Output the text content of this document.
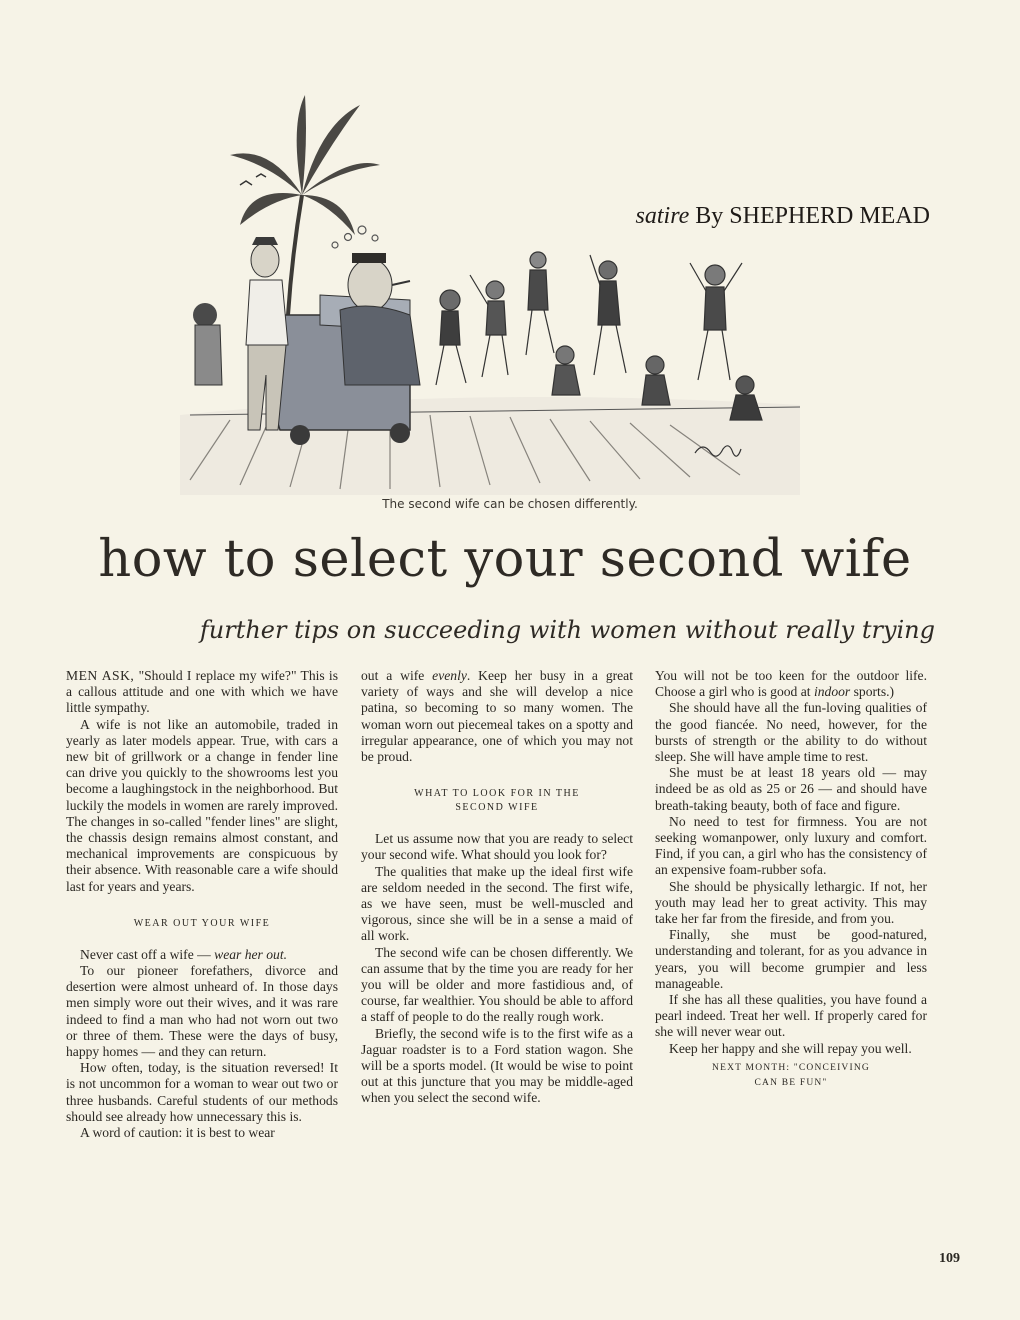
satire By SHEPHERD MEAD
The second wife can be chosen differently.
how to select your second wife
further tips on succeeding with women without really trying

MEN ASK, "Should I replace my wife?" This is a callous attitude and one with which we have little sympathy.

A wife is not like an automobile, traded in yearly as later models appear. True, with cars a new bit of grillwork or a change in fender line can drive you quickly to the showrooms lest you become a laughingstock in the neighborhood. But luckily the models in women are rarely improved. The changes in so-called "fender lines" are slight, the chassis design remains almost constant, and mechanical improvements are conspicuous by their absence. With reasonable care a wife should last for years and years.

WEAR OUT YOUR WIFE

Never cast off a wife — wear her out.

To our pioneer forefathers, divorce and desertion were almost unheard of. In those days men simply wore out their wives, and it was rare indeed to find a man who had not worn out two or three of them. These were the days of busy, happy homes — and they can return.

How often, today, is the situation reversed! It is not uncommon for a woman to wear out two or three husbands. Careful students of our methods should see already how unnecessary this is.

A word of caution: it is best to wear

out a wife evenly. Keep her busy in a great variety of ways and she will develop a nice patina, so becoming to so many women. The woman worn out piecemeal takes on a spotty and irregular appearance, one of which you may not be proud.

WHAT TO LOOK FOR IN THE
SECOND WIFE

Let us assume now that you are ready to select your second wife. What should you look for?

The qualities that make up the ideal first wife are seldom needed in the second. The first wife, as we have seen, must be well-muscled and vigorous, since she will be in a sense a maid of all work.

The second wife can be chosen differently. We can assume that by the time you are ready for her you will be older and more fastidious and, of course, far wealthier. You should be able to afford a staff of people to do the really rough work.

Briefly, the second wife is to the first wife as a Jaguar roadster is to a Ford station wagon. She will be a sports model. (It would be wise to point out at this juncture that you may be middle-aged when you select the second wife.

You will not be too keen for the outdoor life. Choose a girl who is good at indoor sports.)

She should have all the fun-loving qualities of the good fiancée. No need, however, for the bursts of strength or the ability to do without sleep. She will have ample time to rest.

She must be at least 18 years old — may indeed be as old as 25 or 26 — and should have breath-taking beauty, both of face and figure.

No need to test for firmness. You are not seeking womanpower, only luxury and comfort. Find, if you can, a girl who has the consistency of an expensive foam-rubber sofa.

She should be physically lethargic. If not, her youth may lead her to great activity. This may take her far from the fireside, and from you.

Finally, she must be good-natured, understanding and tolerant, for as you advance in years, you will become grumpier and less manageable.

If she has all these qualities, you have found a pearl indeed. Treat her well. If properly cared for she will never wear out.

Keep her happy and she will repay you well.

NEXT MONTH: "CONCEIVING
CAN BE FUN"
109
